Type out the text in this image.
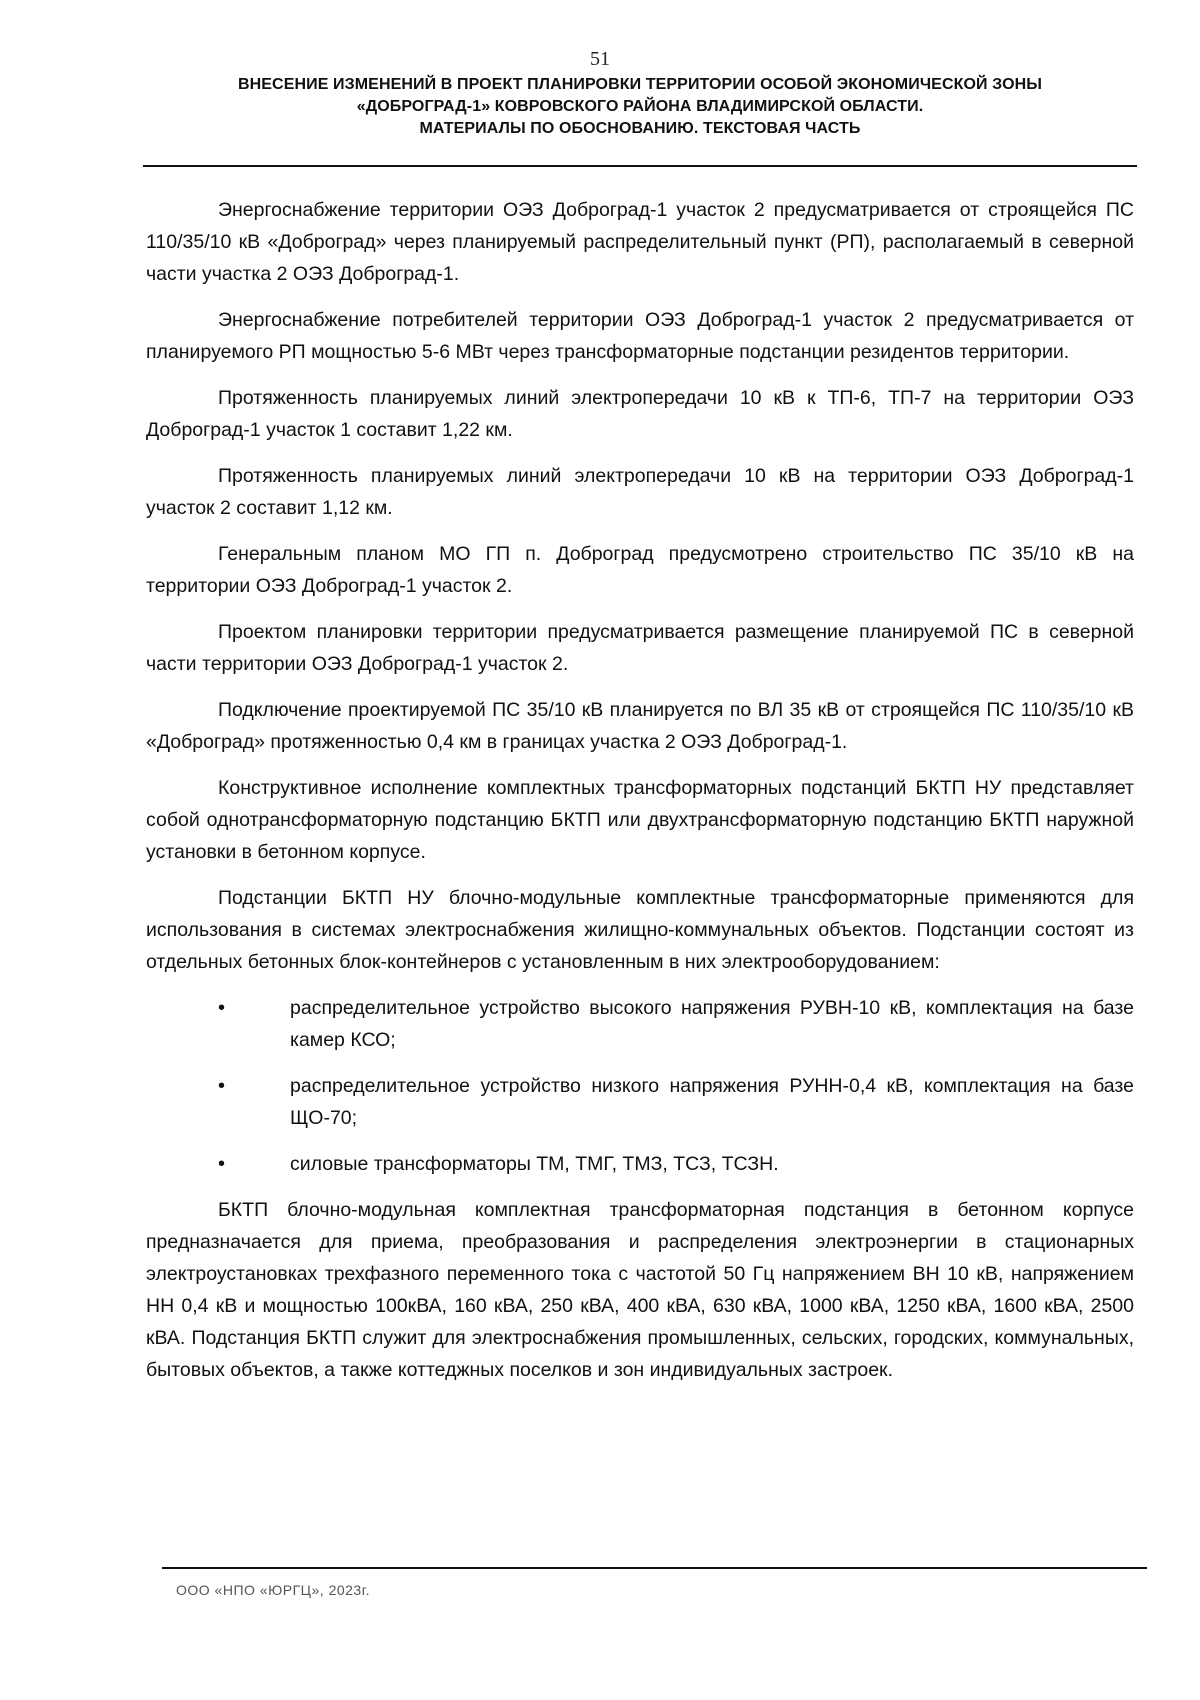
51
ВНЕСЕНИЕ ИЗМЕНЕНИЙ В ПРОЕКТ ПЛАНИРОВКИ ТЕРРИТОРИИ ОСОБОЙ ЭКОНОМИЧЕСКОЙ ЗОНЫ
«ДОБРОГРАД-1» КОВРОВСКОГО РАЙОНА ВЛАДИМИРСКОЙ ОБЛАСТИ.
МАТЕРИАЛЫ ПО ОБОСНОВАНИЮ. ТЕКСТОВАЯ ЧАСТЬ

Энергоснабжение территории ОЭЗ Доброград-1 участок 2 предусматривается от строящейся ПС 110/35/10 кВ «Доброград» через планируемый распределительный пункт (РП), располагаемый в северной части участка 2 ОЭЗ Доброград-1.

Энергоснабжение потребителей территории ОЭЗ Доброград-1 участок 2 предусматривается от планируемого РП мощностью 5-6 МВт через трансформаторные подстанции резидентов территории.

Протяженность планируемых линий электропередачи 10 кВ к ТП-6, ТП-7 на территории ОЭЗ Доброград-1 участок 1 составит 1,22 км.

Протяженность планируемых линий электропередачи 10 кВ на территории ОЭЗ Доброград-1 участок 2 составит 1,12 км.

Генеральным планом МО ГП п. Доброград предусмотрено строительство ПС 35/10 кВ на территории ОЭЗ Доброград-1 участок 2.

Проектом планировки территории предусматривается размещение планируемой ПС в северной части территории ОЭЗ Доброград-1 участок 2.

Подключение проектируемой ПС 35/10 кВ планируется по ВЛ 35 кВ от строящейся ПС 110/35/10 кВ «Доброград» протяженностью 0,4 км в границах участка 2 ОЭЗ Доброград-1.

Конструктивное исполнение комплектных трансформаторных подстанций БКТП НУ представляет собой однотрансформаторную подстанцию БКТП или двухтрансформаторную подстанцию БКТП наружной установки в бетонном корпусе.

Подстанции БКТП НУ блочно-модульные комплектные трансформаторные применяются для использования в системах электроснабжения жилищно-коммунальных объектов. Подстанции состоят из отдельных бетонных блок-контейнеров с установленным в них электрооборудованием:

•	распределительное устройство высокого напряжения РУВН-10 кВ, комплектация на базе камер КСО;
•	распределительное устройство низкого напряжения РУНН-0,4 кВ, комплектация на базе ЩО-70;
•	силовые трансформаторы ТМ, ТМГ, ТМЗ, ТСЗ, ТСЗН.

БКТП блочно-модульная комплектная трансформаторная подстанция в бетонном корпусе предназначается для приема, преобразования и распределения электроэнергии в стационарных электроустановках трехфазного переменного тока с частотой 50 Гц напряжением ВН 10 кВ, напряжением НН 0,4 кВ и мощностью 100кВА, 160 кВА, 250 кВА, 400 кВА, 630 кВА, 1000 кВА, 1250 кВА, 1600 кВА, 2500 кВА. Подстанция БКТП служит для электроснабжения промышленных, сельских, городских, коммунальных, бытовых объектов, а также коттеджных поселков и зон индивидуальных застроек.

ООО «НПО «ЮРГЦ», 2023г.
